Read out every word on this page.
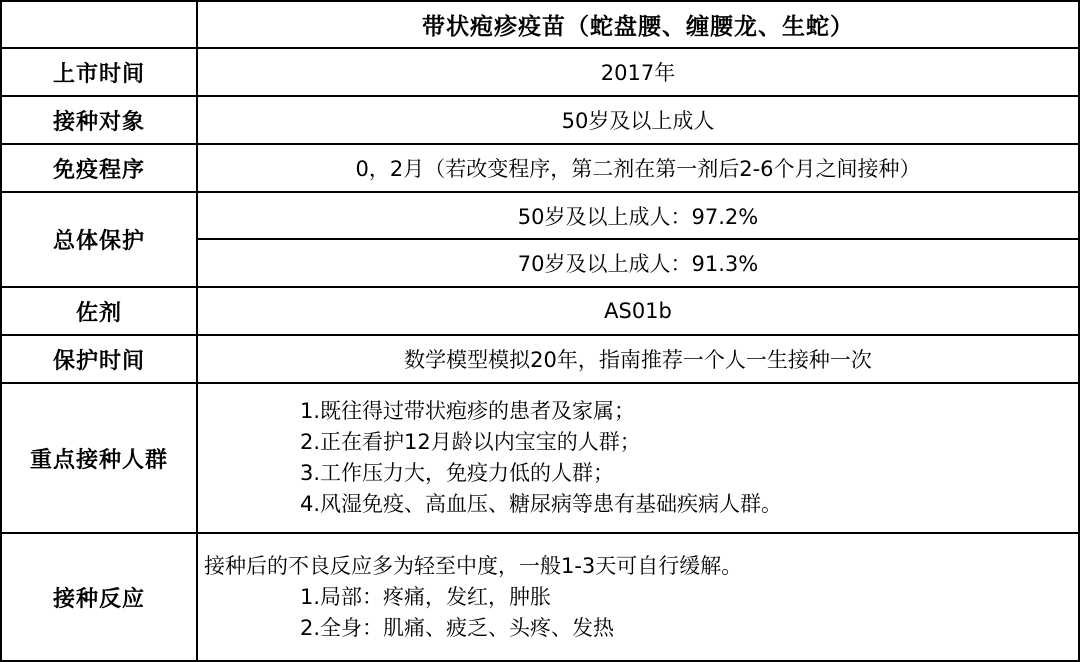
	带状疱疹疫苗（蛇盘腰、缠腰龙、生蛇）
上市时间	2017年
接种对象	50岁及以上成人
免疫程序	0，2月（若改变程序，第二剂在第一剂后2-6个月之间接种）
总体保护	50岁及以上成人：97.2%
	70岁及以上成人：91.3%
佐剂	AS01b
保护时间	数学模型模拟20年，指南推荐一个人一生接种一次
重点接种人群	1.既往得过带状疱疹的患者及家属；
2.正在看护12月龄以内宝宝的人群；
3.工作压力大，免疫力低的人群；
4.风湿免疫、高血压、糖尿病等患有基础疾病人群。

接种反应	接种后的不良反应多为轻至中度，一般1-3天可自行缓解。
1.局部：疼痛，发红，肿胀
2.全身：肌痛、疲乏、头疼、发热
